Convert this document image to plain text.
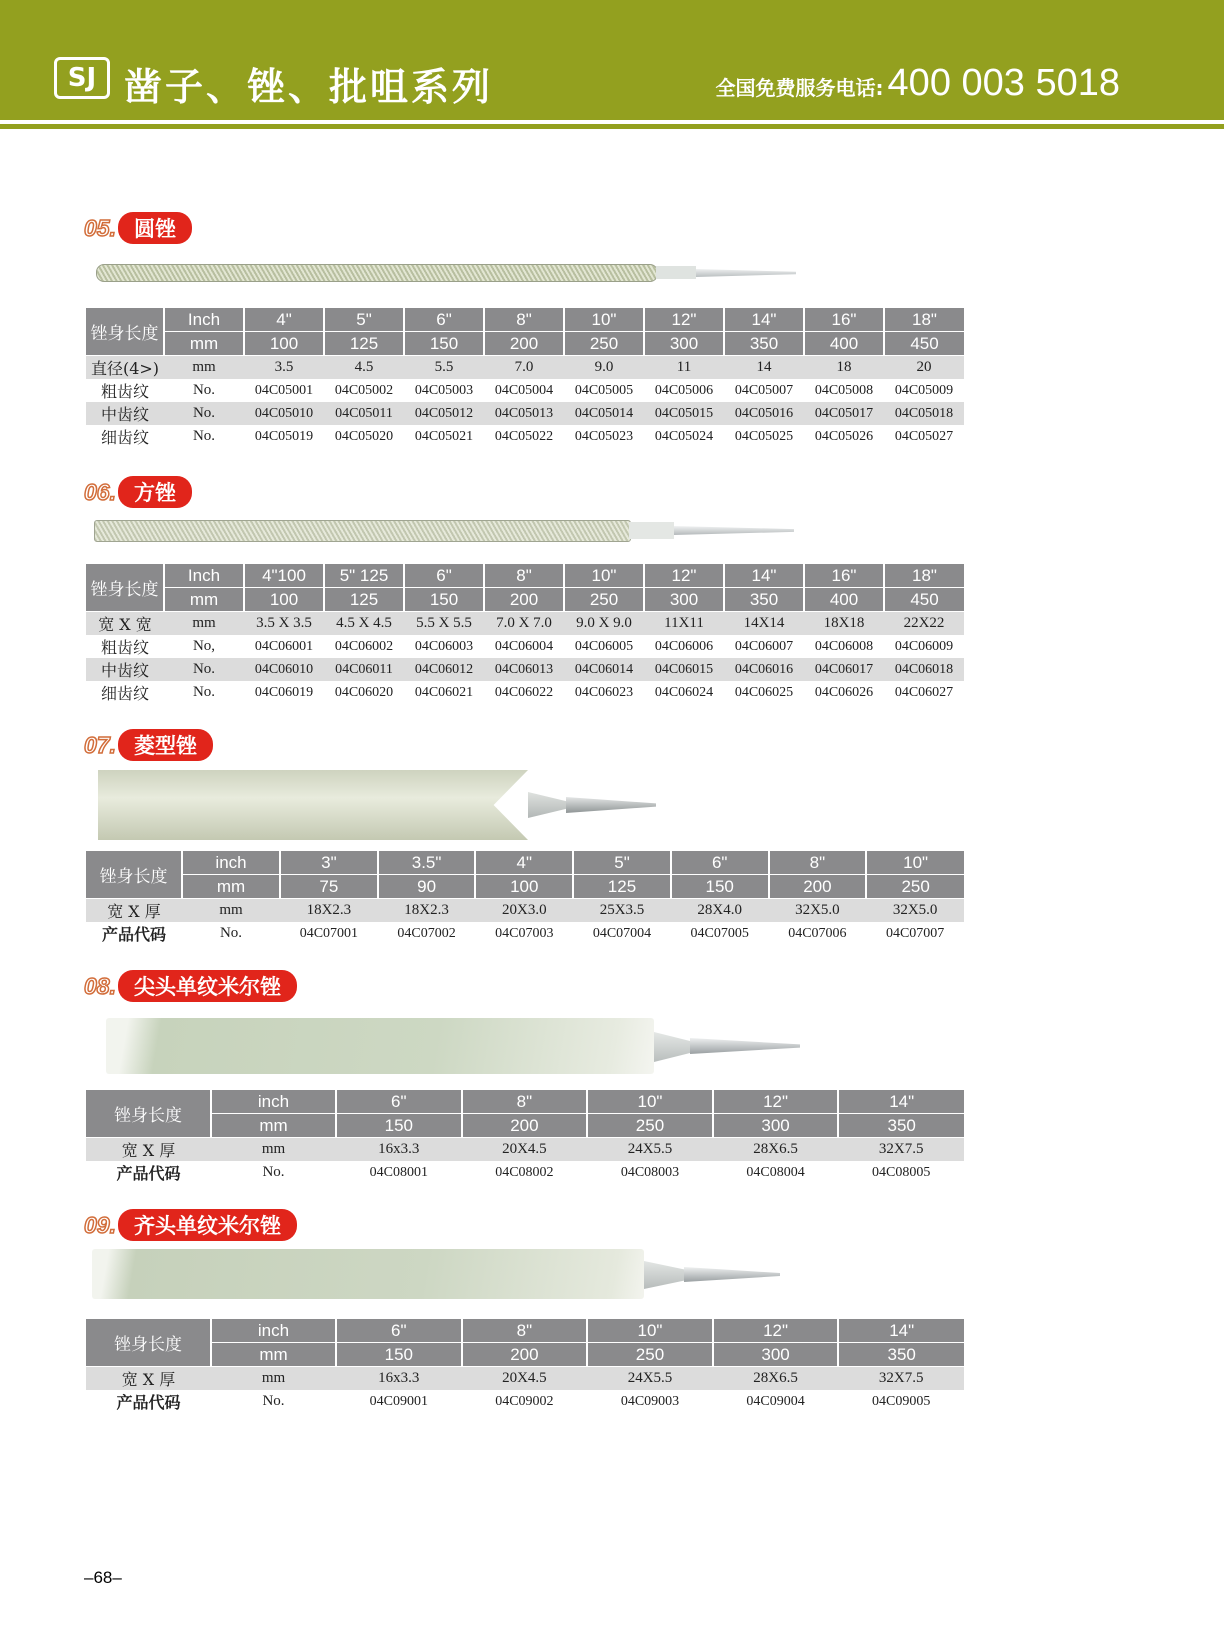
SJ 凿子、锉、批咀系列	全国免费服务电话: 400 003 5018
05. 圆锉
锉身长度	Inch	4"	5"	6"	8"	10"	12"	14"	16"	18"
	mm	100	125	150	200	250	300	350	400	450
直径(4>)	mm	3.5	4.5	5.5	7.0	9.0	11	14	18	20
粗齿纹	No.	04C05001	04C05002	04C05003	04C05004	04C05005	04C05006	04C05007	04C05008	04C05009
中齿纹	No.	04C05010	04C05011	04C05012	04C05013	04C05014	04C05015	04C05016	04C05017	04C05018
细齿纹	No.	04C05019	04C05020	04C05021	04C05022	04C05023	04C05024	04C05025	04C05026	04C05027
06. 方锉
锉身长度	Inch	4"100	5" 125	6"	8"	10"	12"	14"	16"	18"
	mm	100	125	150	200	250	300	350	400	450
宽 X 宽	mm	3.5 X 3.5	4.5 X 4.5	5.5 X 5.5	7.0 X 7.0	9.0 X 9.0	11X11	14X14	18X18	22X22
粗齿纹	No,	04C06001	04C06002	04C06003	04C06004	04C06005	04C06006	04C06007	04C06008	04C06009
中齿纹	No.	04C06010	04C06011	04C06012	04C06013	04C06014	04C06015	04C06016	04C06017	04C06018
细齿纹	No.	04C06019	04C06020	04C06021	04C06022	04C06023	04C06024	04C06025	04C06026	04C06027
07. 菱型锉
锉身长度	inch	3"	3.5"	4"	5"	6"	8"	10"
	mm	75	90	100	125	150	200	250
宽 X 厚	mm	18X2.3	18X2.3	20X3.0	25X3.5	28X4.0	32X5.0	32X5.0
产品代码	No.	04C07001	04C07002	04C07003	04C07004	04C07005	04C07006	04C07007
08. 尖头单纹米尔锉
锉身长度	inch	6"	8"	10"	12"	14"
	mm	150	200	250	300	350
宽 X 厚	mm	16x3.3	20X4.5	24X5.5	28X6.5	32X7.5
产品代码	No.	04C08001	04C08002	04C08003	04C08004	04C08005
09. 齐头单纹米尔锉
锉身长度	inch	6"	8"	10"	12"	14"
	mm	150	200	250	300	350
宽 X 厚	mm	16x3.3	20X4.5	24X5.5	28X6.5	32X7.5
产品代码	No.	04C09001	04C09002	04C09003	04C09004	04C09005
–68–
